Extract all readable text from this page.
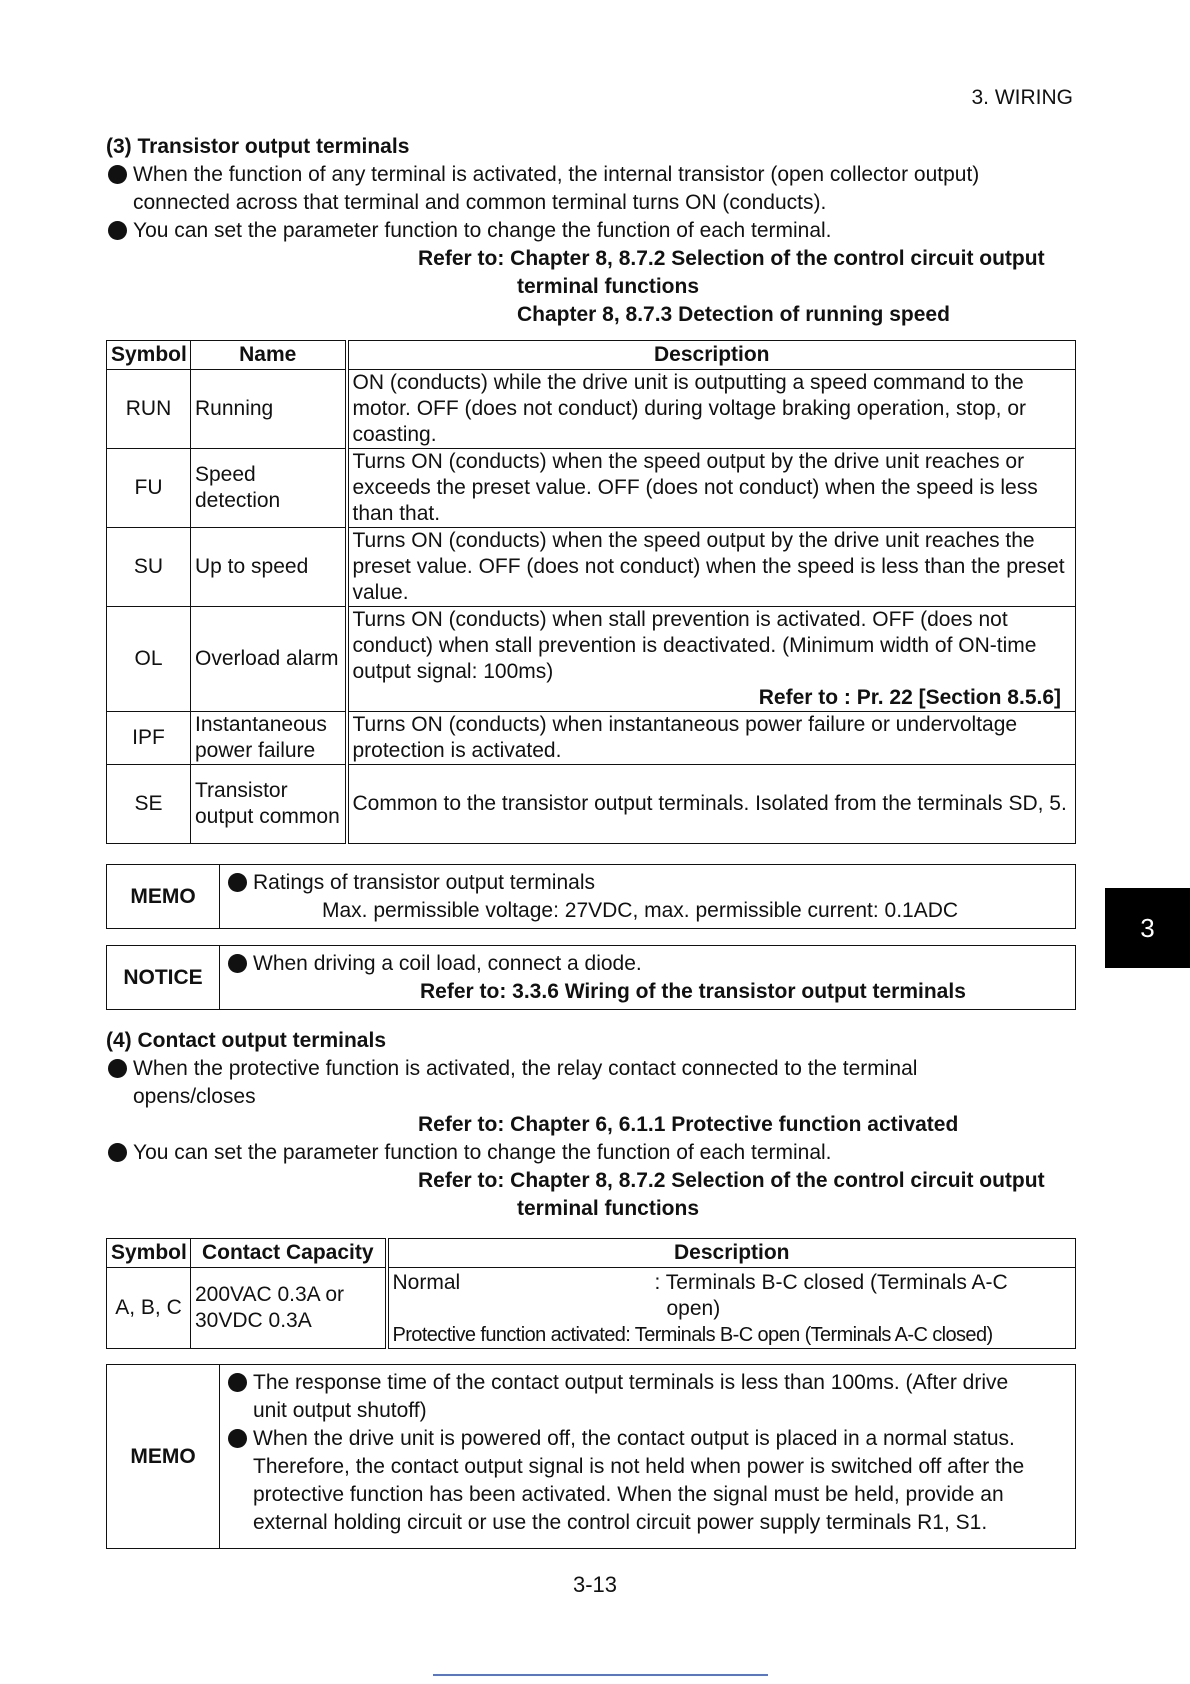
3. WIRING
(3) Transistor output terminals
When the function of any terminal is activated, the internal transistor (open collector output)
connected across that terminal and common terminal turns ON (conducts).
You can set the parameter function to change the function of each terminal.
Refer to: Chapter 8, 8.7.2 Selection of the control circuit output
terminal functions
Chapter 8, 8.7.3 Detection of running speed
Symbol	Name	Description
RUN	Running	ON (conducts) while the drive unit is outputting a speed command to the motor. OFF (does not conduct) during voltage braking operation, stop, or coasting.
FU	Speed detection	Turns ON (conducts) when the speed output by the drive unit reaches or exceeds the preset value. OFF (does not conduct) when the speed is less than that.
SU	Up to speed	Turns ON (conducts) when the speed output by the drive unit reaches the preset value. OFF (does not conduct) when the speed is less than the preset value.
OL	Overload alarm	Turns ON (conducts) when stall prevention is activated. OFF (does not conduct) when stall prevention is deactivated. (Minimum width of ON-time output signal: 100ms)
Refer to : Pr. 22 [Section 8.5.6]

IPF	Instantaneous power failure	Turns ON (conducts) when instantaneous power failure or undervoltage protection is activated.
SE	Transistor output common	Common to the transistor output terminals. Isolated from the terminals SD, 5.
MEMO
Ratings of transistor output terminals
Max. permissible voltage: 27VDC, max. permissible current: 0.1ADC
NOTICE
When driving a coil load, connect a diode.
Refer to: 3.3.6 Wiring of the transistor output terminals
(4) Contact output terminals
When the protective function is activated, the relay contact connected to the terminal
opens/closes
Refer to: Chapter 6, 6.1.1 Protective function activated
You can set the parameter function to change the function of each terminal.
Refer to: Chapter 8, 8.7.2 Selection of the control circuit output
terminal functions
Symbol	Contact Capacity	Description
A, B, C	200VAC 0.3A or 30VDC 0.3A	Normal : Terminals B-C closed (Terminals A-C
open)
Protective function activated: Terminals B-C open (Terminals A-C closed)
MEMO
The response time of the contact output terminals is less than 100ms. (After drive
unit output shutoff)
When the drive unit is powered off, the contact output is placed in a normal status.
Therefore, the contact output signal is not held when power is switched off after the
protective function has been activated. When the signal must be held, provide an
external holding circuit or use the control circuit power supply terminals R1, S1.
3
3-13
